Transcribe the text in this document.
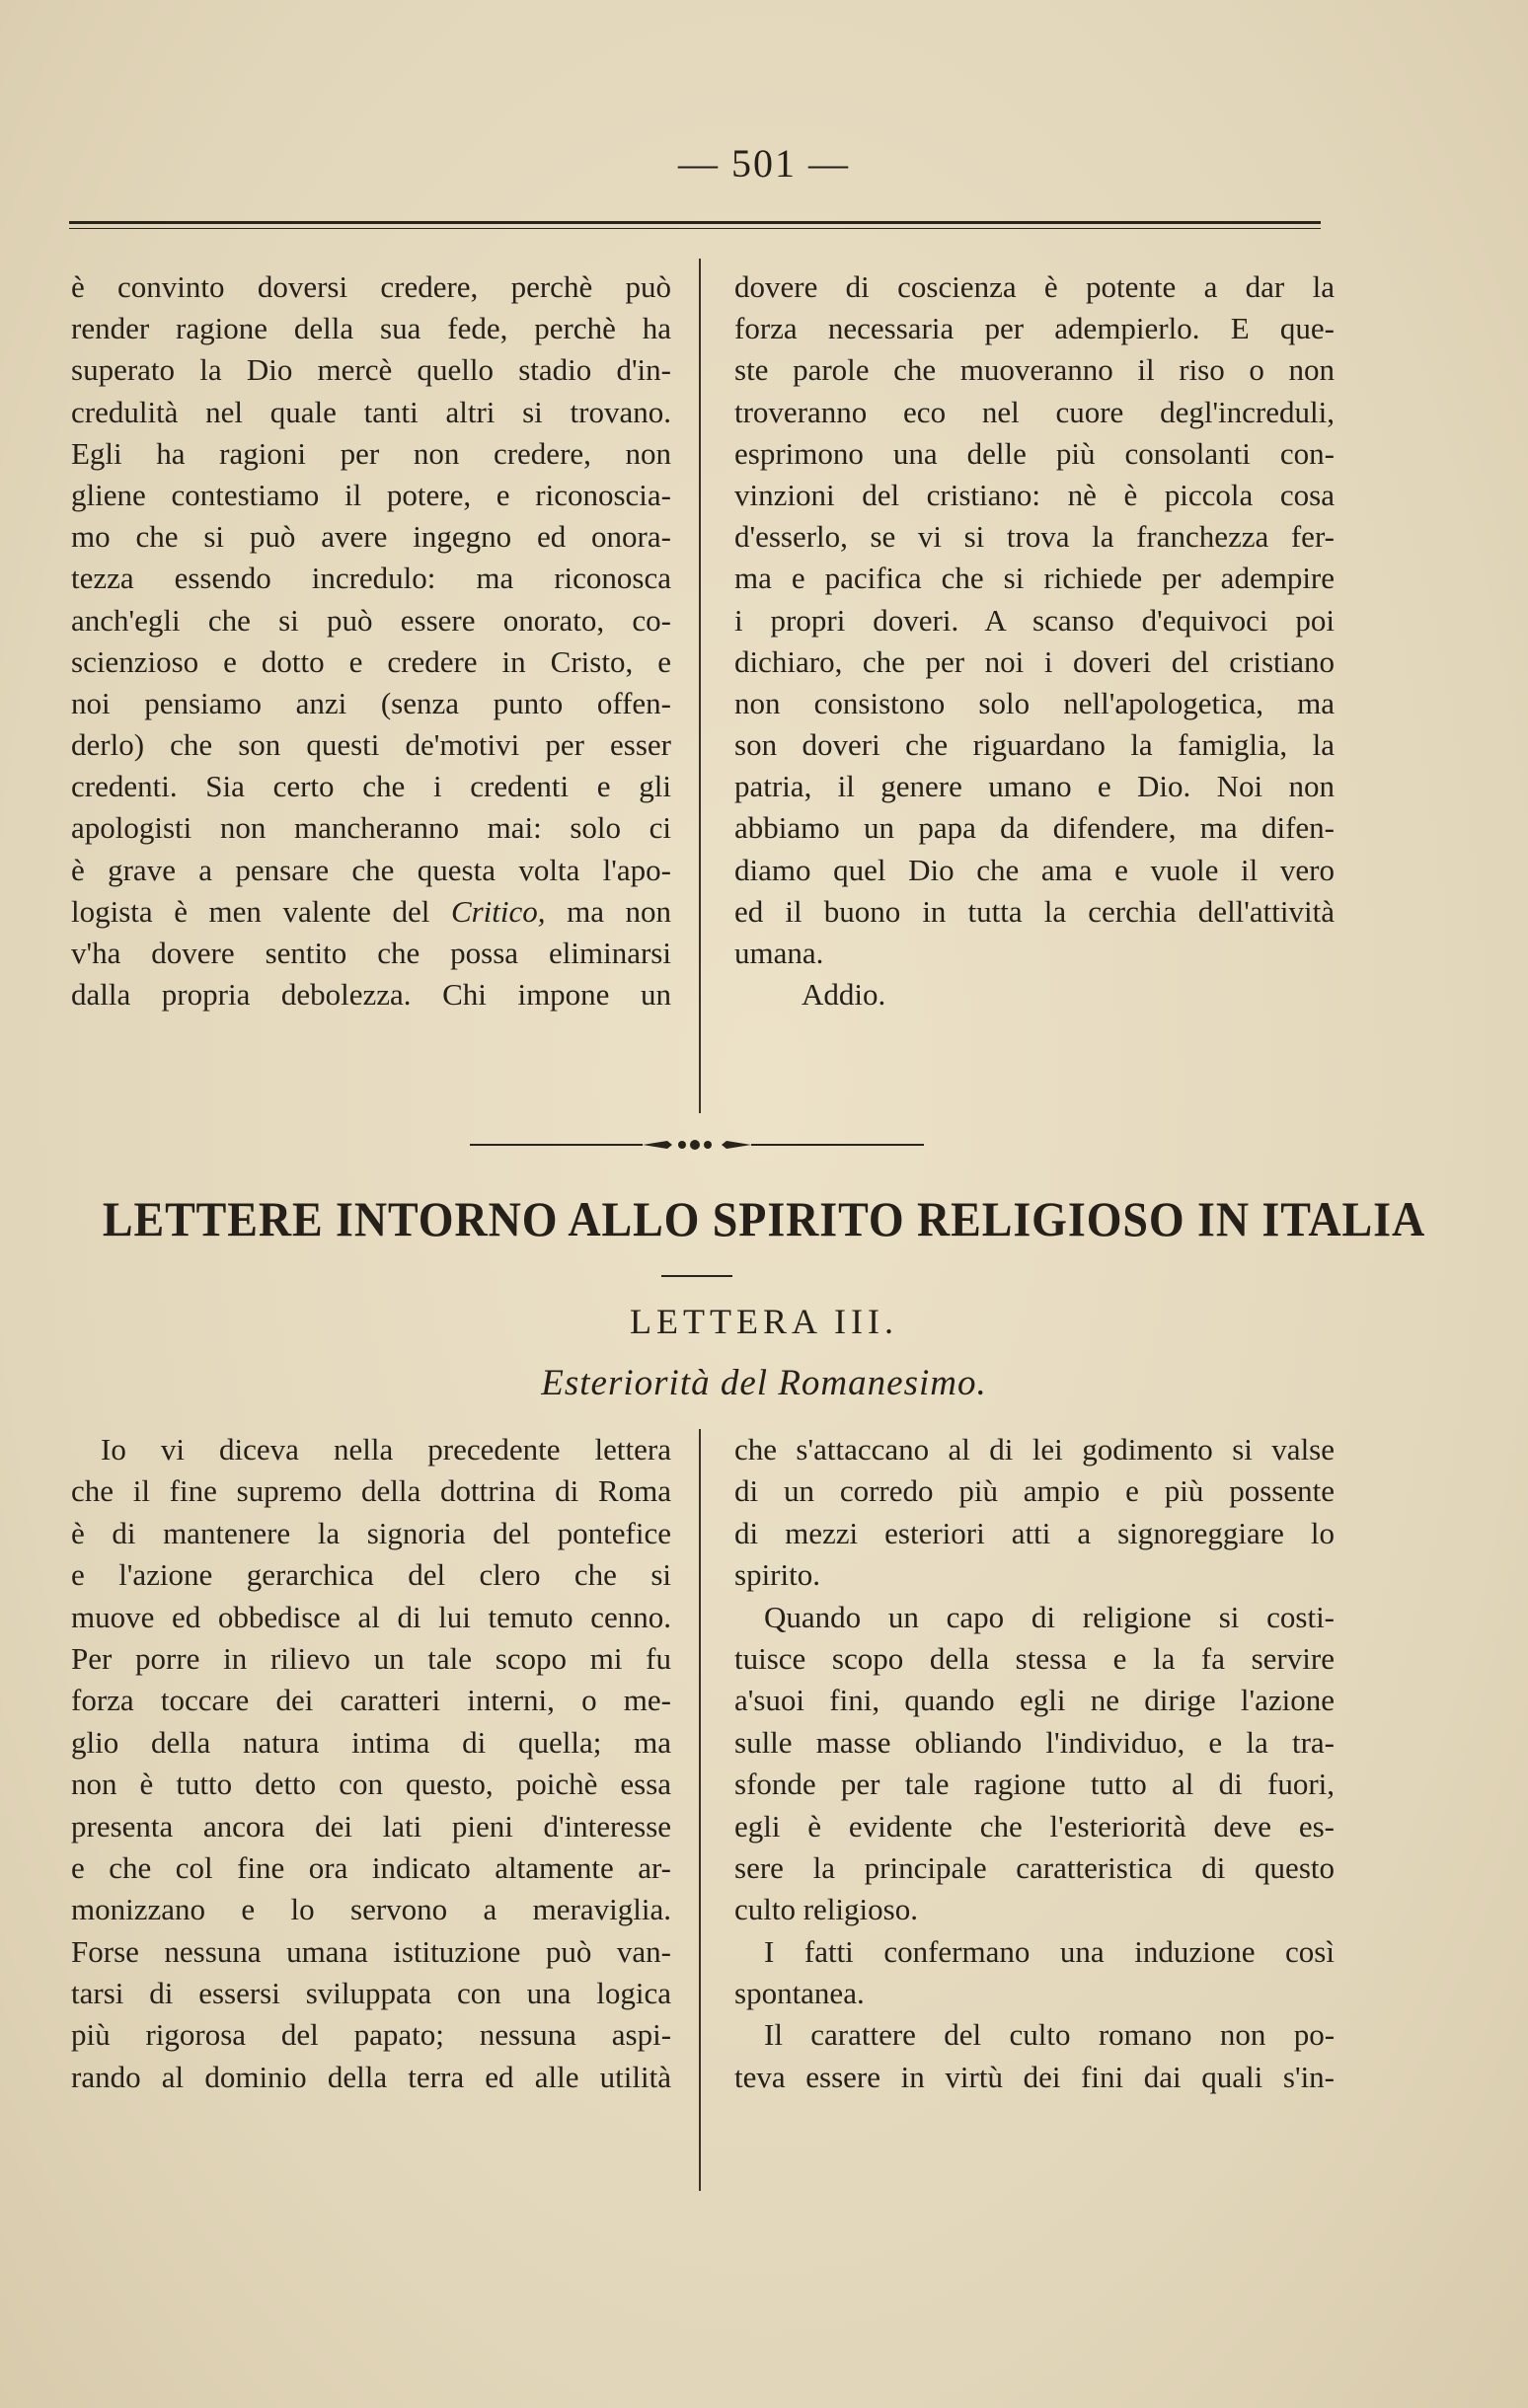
— 501 —
è convinto doversi credere, perchè può
render ragione della sua fede, perchè ha
superato la Dio mercè quello stadio d'in-
credulità nel quale tanti altri si trovano.
Egli ha ragioni per non credere, non
gliene contestiamo il potere, e riconoscia-
mo che si può avere ingegno ed onora-
tezza essendo incredulo: ma riconosca
anch'egli che si può essere onorato, co-
scienzioso e dotto e credere in Cristo, e
noi pensiamo anzi (senza punto offen-
derlo) che son questi de'motivi per esser
credenti. Sia certo che i credenti e gli
apologisti non mancheranno mai: solo ci
è grave a pensare che questa volta l'apo-
logista è men valente del Critico, ma non
v'ha dovere sentito che possa eliminarsi
dalla propria debolezza. Chi impone un
dovere di coscienza è potente a dar la
forza necessaria per adempierlo. E que-
ste parole che muoveranno il riso o non
troveranno eco nel cuore degl'increduli,
esprimono una delle più consolanti con-
vinzioni del cristiano: nè è piccola cosa
d'esserlo, se vi si trova la franchezza fer-
ma e pacifica che si richiede per adempire
i propri doveri. A scanso d'equivoci poi
dichiaro, che per noi i doveri del cristiano
non consistono solo nell'apologetica, ma
son doveri che riguardano la famiglia, la
patria, il genere umano e Dio. Noi non
abbiamo un papa da difendere, ma difen-
diamo quel Dio che ama e vuole il vero
ed il buono in tutta la cerchia dell'attività
umana.
Addio.
LETTERE INTORNO ALLO SPIRITO RELIGIOSO IN ITALIA
LETTERA III.
Esteriorità del Romanesimo.
Io vi diceva nella precedente lettera
che il fine supremo della dottrina di Roma
è di mantenere la signoria del pontefice
e l'azione gerarchica del clero che si
muove ed obbedisce al di lui temuto cenno.
Per porre in rilievo un tale scopo mi fu
forza toccare dei caratteri interni, o me-
glio della natura intima di quella; ma
non è tutto detto con questo, poichè essa
presenta ancora dei lati pieni d'interesse
e che col fine ora indicato altamente ar-
monizzano e lo servono a meraviglia.
Forse nessuna umana istituzione può van-
tarsi di essersi sviluppata con una logica
più rigorosa del papato; nessuna aspi-
rando al dominio della terra ed alle utilità
che s'attaccano al di lei godimento si valse
di un corredo più ampio e più possente
di mezzi esteriori atti a signoreggiare lo
spirito.
Quando un capo di religione si costi-
tuisce scopo della stessa e la fa servire
a'suoi fini, quando egli ne dirige l'azione
sulle masse obliando l'individuo, e la tra-
sfonde per tale ragione tutto al di fuori,
egli è evidente che l'esteriorità deve es-
sere la principale caratteristica di questo
culto religioso.
I fatti confermano una induzione così
spontanea.
Il carattere del culto romano non po-
teva essere in virtù dei fini dai quali s'in-
